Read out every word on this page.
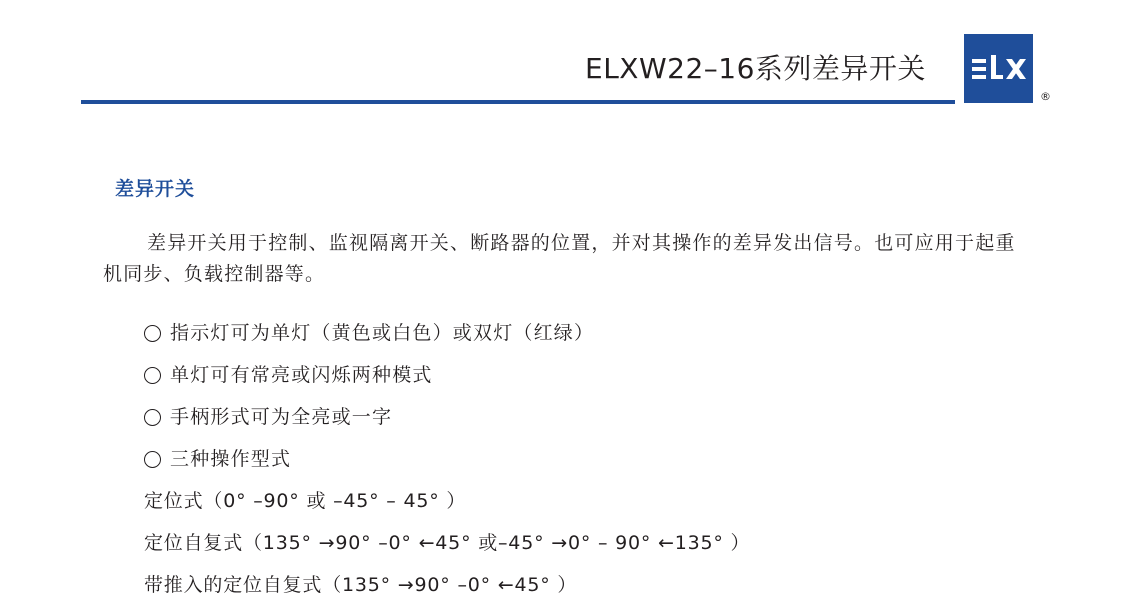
ELXW22–16系列差异开关
®
差异开关
差异开关用于控制、监视隔离开关、断路器的位置，并对其操作的差异发出信号。也可应用于起重机同步、负载控制器等。
指示灯可为单灯（黄色或白色）或双灯（红绿）
单灯可有常亮或闪烁两种模式
手柄形式可为全亮或一字
三种操作型式
定位式（0° –90° 或 –45° – 45° ）
定位自复式（135° →90° –0° ←45° 或–45° →0° – 90° ←135° ）
带推入的定位自复式（135° →90° –0° ←45° ）
